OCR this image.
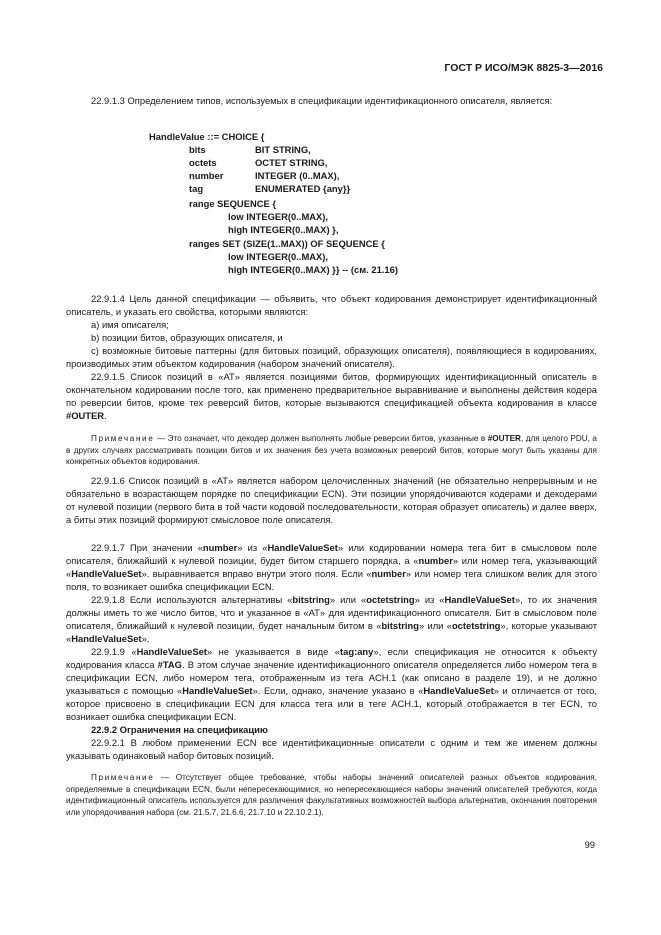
ГОСТ Р ИСО/МЭК 8825-3—2016
22.9.1.3 Определением типов, используемых в спецификации идентификационного описателя, является:
HandleValue ::= CHOICE {
bits	BIT STRING,
octets	OCTET STRING,
number	INTEGER (0..MAX),
tag	ENUMERATED {any}}
range SEQUENCE {
low INTEGER(0..MAX),
high INTEGER(0..MAX) },
ranges SET (SIZE(1..MAX)) OF SEQUENCE {
low INTEGER(0..MAX),
high INTEGER(0..MAX) }} -- (см. 21.16)
22.9.1.4 Цель данной спецификации — объявить, что объект кодирования демонстрирует идентификационный описатель, и указать его свойства, которыми являются:
a) имя описателя;
b) позиции битов, образующих описателя, и
c) возможные битовые паттерны (для битовых позиций, образующих описателя), появляющиеся в кодированиях, производимых этим объектом кодирования (набором значений описателя).
22.9.1.5 Список позиций в «AT» является позициями битов, формирующих идентификационный описатель в окончательном кодировании после того, как применено предварительное выравнивание и выполнены действия кодера по реверсии битов, кроме тех реверсий битов, которые вызываются спецификацией объекта кодирования в классе #OUTER.
Примечание — Это означает, что декодер должен выполнять любые реверсии битов, указанные в #OUTER, для целого PDU, а в других случаях рассматривать позиции битов и их значения без учета возможных реверсий битов, которые могут быть указаны для конкретных объектов кодирования.
22.9.1.6 Список позиций в «AT» является набором целочисленных значений (не обязательно непрерывным и не обязательно в возрастающем порядке по спецификации ECN). Эти позиции упорядочиваются кодерами и декодерами от нулевой позиции (первого бита в той части кодовой последовательности, которая образует описатель) и далее вверх, а биты этих позиций формируют смысловое поле описателя.
22.9.1.7 При значении «number» из «HandleValueSet» или кодировании номера тега бит в смысловом поле описателя, ближайший к нулевой позиции, будет битом старшего порядка, а «number» или номер тега, указывающий «HandleValueSet». выравнивается вправо внутри этого поля. Если «number» или номер тега слишком велик для этого поля, то возникает ошибка спецификации ECN.
22.9.1.8 Если используются альтернативы «bitstring» или «octetstring» из «HandleValueSet», то их значения должны иметь то же число битов, что и указанное в «AT» для идентификационного описателя. Бит в смысловом поле описателя, ближайший к нулевой позиции, будет начальным битом в «bitstring» или «octetstring», которые указывают «HandleValueSet».
22.9.1.9 «HandleValueSet» не указывается в виде «tag:any», если спецификация не относится к объекту кодирования класса #TAG. В этом случае значение идентификационного описателя определяется либо номером тега в спецификации ECN, либо номером тега, отображенным из тега ACH.1 (как описано в разделе 19), и не должно указываться с помощью «HandleValueSet». Если, однако, значение указано в «HandleValueSet» и отличается от того, которое присвоено в спецификации ECN для класса тега или в теге ACH.1, который отображается в тег ECN, то возникает ошибка спецификации ECN.
22.9.2 Ограничения на спецификацию
22.9.2.1 В любом применении ECN все идентификационные описатели с одним и тем же именем должны указывать одинаковый набор битовых позиций.
Примечание — Отсутствует общее требование, чтобы наборы значений описателей разных объектов кодирования, определяемые в спецификации ECN, были непересекающимися, но непересекающиеся наборы значений описателей требуются, когда идентификационный описатель используется для различения факультативных возможностей выбора альтернатив, окончания повторения или упорядочивания набора (см. 21.5.7, 21.6.6, 21.7.10 и 22.10.2.1).
99
